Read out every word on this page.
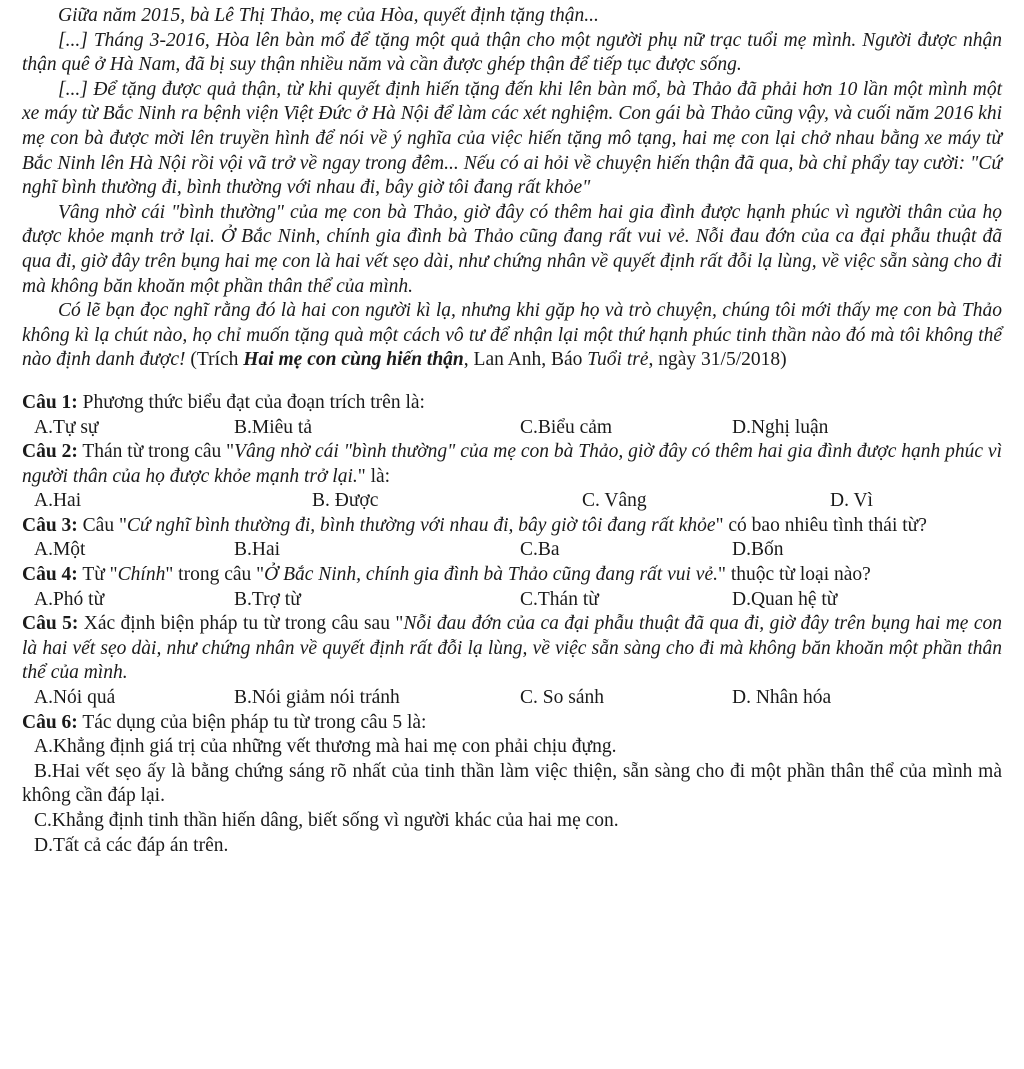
Giữa năm 2015, bà Lê Thị Thảo, mẹ của Hòa, quyết định tặng thận...

[...] Tháng 3-2016, Hòa lên bàn mổ để tặng một quả thận cho một người phụ nữ trạc tuổi mẹ mình. Người được nhận thận quê ở Hà Nam, đã bị suy thận nhiều năm và cần được ghép thận để tiếp tục được sống.

[...] Để tặng được quả thận, từ khi quyết định hiến tặng đến khi lên bàn mổ, bà Thảo đã phải hơn 10 lần một mình một xe máy từ Bắc Ninh ra bệnh viện Việt Đức ở Hà Nội để làm các xét nghiệm. Con gái bà Thảo cũng vậy, và cuối năm 2016 khi mẹ con bà được mời lên truyền hình để nói về ý nghĩa của việc hiến tặng mô tạng, hai mẹ con lại chở nhau bằng xe máy từ Bắc Ninh lên Hà Nội rồi vội vã trở về ngay trong đêm... Nếu có ai hỏi về chuyện hiến thận đã qua, bà chỉ phẩy tay cười: "Cứ nghĩ bình thường đi, bình thường với nhau đi, bây giờ tôi đang rất khỏe"

Vâng nhờ cái "bình thường" của mẹ con bà Thảo, giờ đây có thêm hai gia đình được hạnh phúc vì người thân của họ được khỏe mạnh trở lại. Ở Bắc Ninh, chính gia đình bà Thảo cũng đang rất vui vẻ. Nỗi đau đớn của ca đại phẫu thuật đã qua đi, giờ đây trên bụng hai mẹ con là hai vết sẹo dài, như chứng nhân về quyết định rất đỗi lạ lùng, về việc sẵn sàng cho đi mà không băn khoăn một phần thân thể của mình.

Có lẽ bạn đọc nghĩ rằng đó là hai con người kì lạ, nhưng khi gặp họ và trò chuyện, chúng tôi mới thấy mẹ con bà Thảo không kì lạ chút nào, họ chỉ muốn tặng quà một cách vô tư để nhận lại một thứ hạnh phúc tinh thần nào đó mà tôi không thể nào định danh được! (Trích Hai mẹ con cùng hiến thận, Lan Anh, Báo Tuổi trẻ, ngày 31/5/2018)

Câu 1: Phương thức biểu đạt của đoạn trích trên là:

A.Tự sự	B.Miêu tả	C.Biểu cảm	D.Nghị luận

Câu 2: Thán từ trong câu "Vâng nhờ cái "bình thường" của mẹ con bà Thảo, giờ đây có thêm hai gia đình được hạnh phúc vì người thân của họ được khỏe mạnh trở lại." là:

A.Hai	B. Được	C. Vâng	D. Vì

Câu 3: Câu "Cứ nghĩ bình thường đi, bình thường với nhau đi, bây giờ tôi đang rất khỏe" có bao nhiêu tình thái từ?

A.Một	B.Hai	C.Ba	D.Bốn

Câu 4: Từ "Chính" trong câu "Ở Bắc Ninh, chính gia đình bà Thảo cũng đang rất vui vẻ." thuộc từ loại nào?

A.Phó từ	B.Trợ từ	C.Thán từ	D.Quan hệ từ

Câu 5: Xác định biện pháp tu từ trong câu sau "Nỗi đau đớn của ca đại phẫu thuật đã qua đi, giờ đây trên bụng hai mẹ con là hai vết sẹo dài, như chứng nhân về quyết định rất đỗi lạ lùng, về việc sẵn sàng cho đi mà không băn khoăn một phần thân thể của mình.

A.Nói quá	B.Nói giảm nói tránh	C. So sánh	D. Nhân hóa

Câu 6: Tác dụng của biện pháp tu từ trong câu 5 là:

A.Khẳng định giá trị của những vết thương mà hai mẹ con phải chịu đựng.

B.Hai vết sẹo ấy là bằng chứng sáng rõ nhất của tinh thần làm việc thiện, sẵn sàng cho đi một phần thân thể của mình mà không cần đáp lại.

C.Khẳng định tinh thần hiến dâng, biết sống vì người khác của hai mẹ con.

D.Tất cả các đáp án trên.
